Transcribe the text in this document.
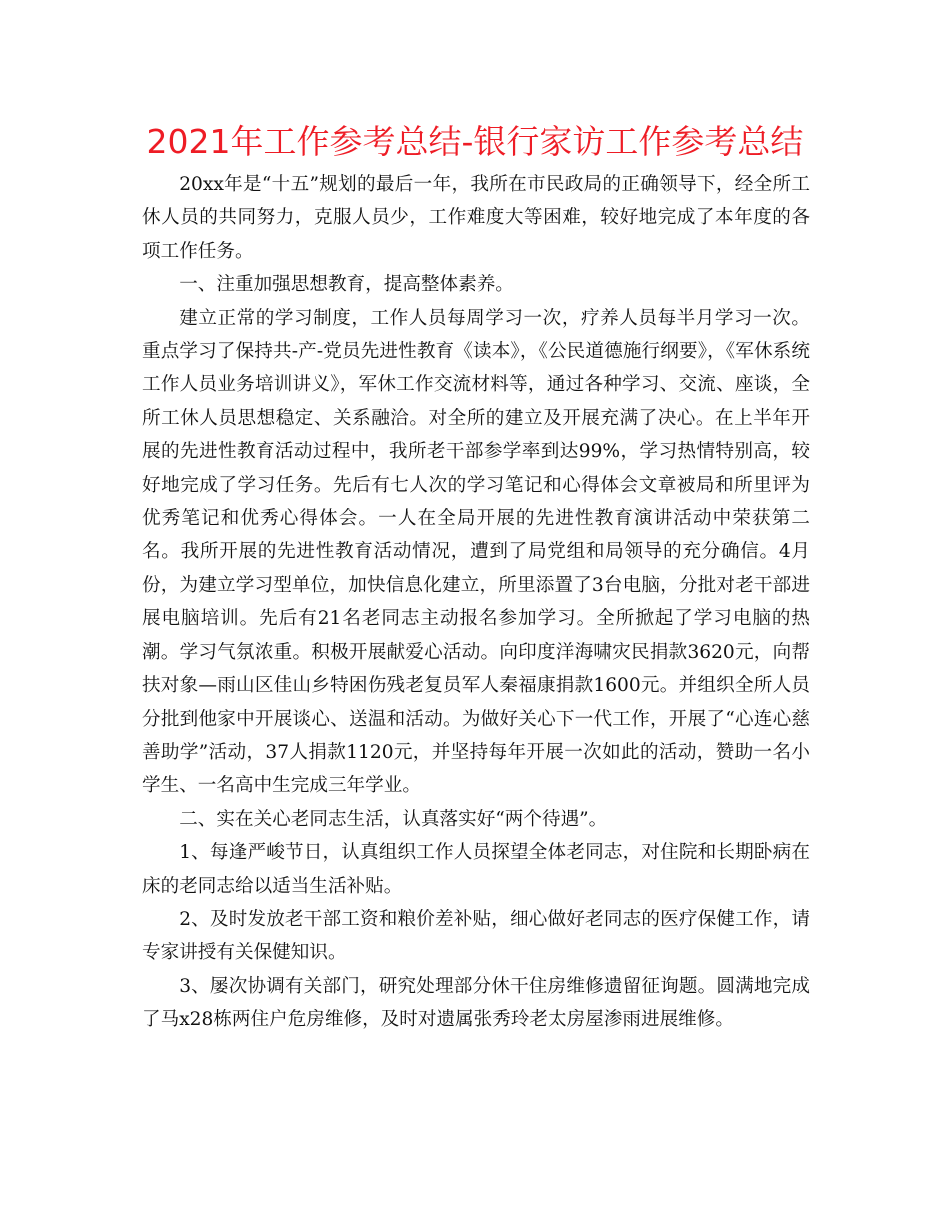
2021年工作参考总结-银行家访工作参考总结

20xx年是“十五”规划的最后一年，我所在市民政局的正确领导下，经全所工休人员的共同努力，克服人员少，工作难度大等困难，较好地完成了本年度的各项工作任务。

一、注重加强思想教育，提高整体素养。

建立正常的学习制度，工作人员每周学习一次，疗养人员每半月学习一次。重点学习了保持共-产-党员先进性教育《读本》，《公民道德施行纲要》，《军休系统工作人员业务培训讲义》，军休工作交流材料等，通过各种学习、交流、座谈，全所工休人员思想稳定、关系融洽。对全所的建立及开展充满了决心。在上半年开展的先进性教育活动过程中，我所老干部参学率到达99%，学习热情特别高，较好地完成了学习任务。先后有七人次的学习笔记和心得体会文章被局和所里评为优秀笔记和优秀心得体会。一人在全局开展的先进性教育演讲活动中荣获第二名。我所开展的先进性教育活动情况，遭到了局党组和局领导的充分确信。4月份，为建立学习型单位，加快信息化建立，所里添置了3台电脑，分批对老干部进展电脑培训。先后有21名老同志主动报名参加学习。全所掀起了学习电脑的热潮。学习气氛浓重。积极开展献爱心活动。向印度洋海啸灾民捐款3620元，向帮扶对象—雨山区佳山乡特困伤残老复员军人秦福康捐款1600元。并组织全所人员分批到他家中开展谈心、送温和活动。为做好关心下一代工作，开展了“心连心慈善助学”活动，37人捐款1120元，并坚持每年开展一次如此的活动，赞助一名小学生、一名高中生完成三年学业。

二、实在关心老同志生活，认真落实好“两个待遇”。

1、每逢严峻节日，认真组织工作人员探望全体老同志，对住院和长期卧病在床的老同志给以适当生活补贴。

2、及时发放老干部工资和粮价差补贴，细心做好老同志的医疗保健工作，请专家讲授有关保健知识。

3、屡次协调有关部门，研究处理部分休干住房维修遗留征询题。圆满地完成了马x28栋两住户危房维修，及时对遗属张秀玲老太房屋渗雨进展维修。
